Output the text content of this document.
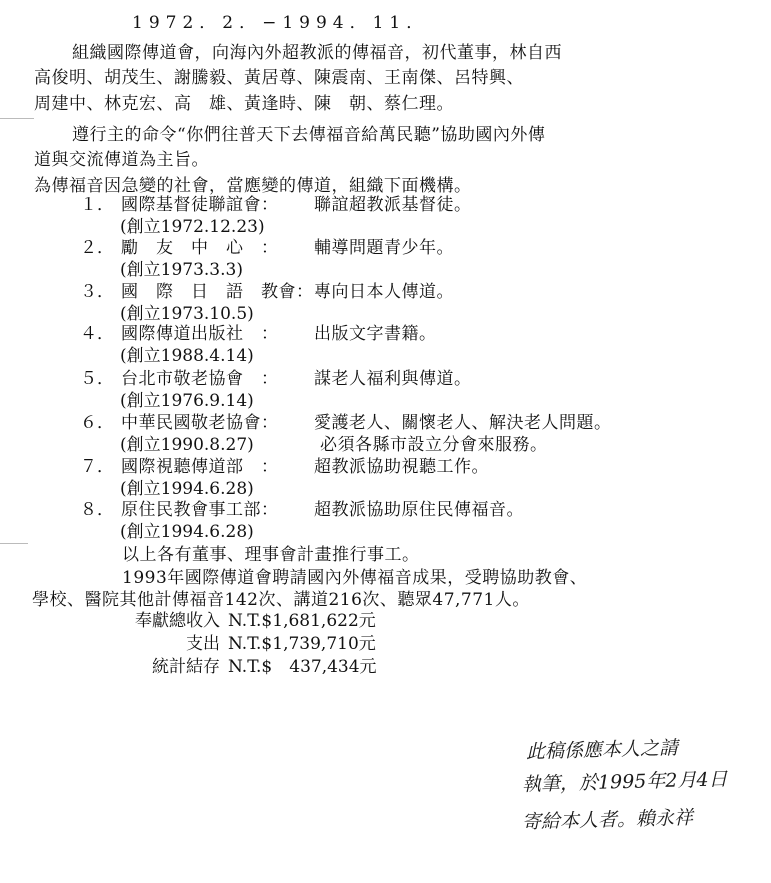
1972．2．−1994．11．
組織國際傳道會，向海內外超教派的傳福音，初代董事，林自西
高俊明、胡茂生、謝騰毅、黃居尊、陳震南、王南傑、呂特興、
周建中、林克宏、高　雄、黃逢時、陳　朝、蔡仁理。
遵行主的命令“你們往普天下去傳福音給萬民聽”協助國內外傳
道與交流傳道為主旨。
為傳福音因急變的社會，當應變的傳道，組織下面機構。
１． 國際基督徒聯誼會： 聯誼超教派基督徒。
(創立1972.12.23)
２． 勵　友　中　心　： 輔導問題青少年。
(創立1973.3.3)
３． 國　際　日　語　教會： 專向日本人傳道。
(創立1973.10.5)
４． 國際傳道出版社　： 出版文字書籍。
(創立1988.4.14)
５． 台北市敬老協會　： 謀老人福利與傳道。
(創立1976.9.14)
６． 中華民國敬老協會： 愛護老人、關懷老人、解決老人問題。
(創立1990.8.27)	必須各縣市設立分會來服務。
７． 國際視聽傳道部　： 超教派協助視聽工作。
(創立1994.6.28)
８． 原住民教會事工部： 超教派協助原住民傳福音。
(創立1994.6.28)
以上各有董事、理事會計畫推行事工。
1993年國際傳道會聘請國內外傳福音成果，受聘協助教會、
學校、醫院其他計傳福音142次、講道216次、聽眾47,771人。
奉獻總收入 N.T.$1,681,622元
支出 N.T.$1,739,710元
統計結存 N.T.$　437,434元
此稿係應本人之請
執筆，於1995年2月4日
寄給本人者。賴永祥
